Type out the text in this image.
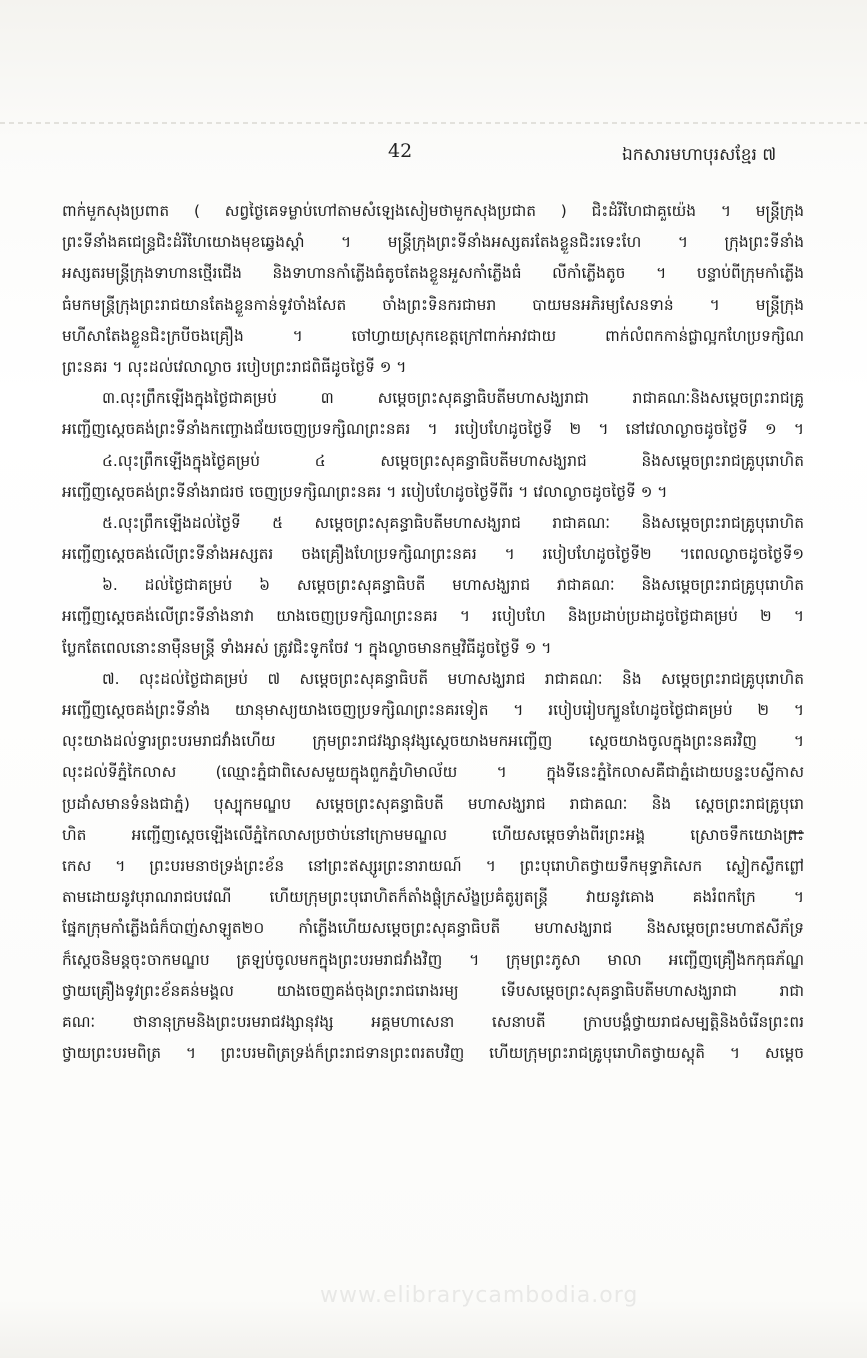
42	ឯកសារមហាបុរសខ្មែរ ៧
ពាក់មួកសុងប្រពាត ( សព្វថ្ងៃគេទម្លាប់ហៅតាមសំឡេងសៀមថាមួកសុងប្រជាត ) ជិះដំរីហែជាគួយ៉េង ។ មន្ត្រីក្រុង
ព្រះទីនាំងគជេន្ទ្រជិះដំរីហែយោងមុខឆ្វេងស្តាំ ។ មន្ត្រីក្រុងព្រះទីនាំងអស្សតរតែងខ្លួនជិះរទេះហែ ។ ក្រុងព្រះទីនាំង
អស្សតរមន្ត្រីក្រុងទាហានថ្មើរជើង និងទាហានកាំភ្លើងធំតូចតែងខ្លួនអួសកាំភ្លើងធំ លីកាំភ្លើងតូច ។ បន្ទាប់ពីក្រុមកាំភ្លើង
ធំមកមន្ត្រីក្រុងព្រះរាជយានតែងខ្លួនកាន់ទូវចាំងសែត ចាំងព្រះទិនករជាមរា បាយមនអភិរម្យសែនទាន់ ។ មន្ត្រីក្រុង
មហីសាតែងខ្លួនជិះក្របីចងគ្រឿង ។ ចៅហ្វាយស្រុកខេត្តក្រៅពាក់អាវជាយ ពាក់លំពកកាន់ជ្លាល្អកហែប្រទក្សិណ
ព្រះនគរ ។ លុះដល់វេលាល្ងាច របៀបព្រះរាជពិធីដូចថ្ងៃទី ១ ។
៣.លុះព្រឹកឡើងក្នុងថ្ងៃជាគម្រប់ ៣ សម្តេចព្រះសុគន្ធាធិបតីមហាសង្ឃរាជា រាជាគណៈនិងសម្តេចព្រះរាជគ្រូ
អញ្ជើញស្តេចគង់ព្រះទីនាំងកញ្ចោងជ័យចេញប្រទក្សិណព្រះនគរ ។ របៀបហែដូចថ្ងៃទី ២ ។ នៅវេលាល្ងាចដូចថ្ងៃទី ១ ។
៤.លុះព្រឹកឡើងក្នុងថ្ងៃគម្រប់ ៤ សម្តេចព្រះសុគន្ធាធិបតីមហាសង្ឃរាជ និងសម្តេចព្រះរាជគ្រូបុរោហិត
អញ្ជើញស្តេចគង់ព្រះទីនាំងរាជរថ ចេញប្រទក្សិណព្រះនគរ ។ របៀបហែដូចថ្ងៃទីពីរ ។ វេលាល្ងាចដូចថ្ងៃទី ១ ។
៥.លុះព្រឹកឡើងដល់ថ្ងៃទី ៥ សម្តេចព្រះសុគន្ធាធិបតីមហាសង្ឃរាជ រាជាគណៈ និងសម្តេចព្រះរាជគ្រូបុរោហិត
អញ្ជើញស្តេចគង់លើព្រះទីនាំងអស្សតរ ចងគ្រឿងហែប្រទក្សិណព្រះនគរ ។ របៀបហែដូចថ្ងៃទី២ ។ពេលល្ងាចដូចថ្ងៃទី១
៦. ដល់ថ្ងៃជាគម្រប់ ៦ សម្តេចព្រះសុគន្ធាធិបតី មហាសង្ឃរាជ រាជាគណៈ និងសម្តេចព្រះរាជគ្រូបុរោហិត
អញ្ជើញស្តេចគង់លើព្រះទីនាំងនាវា យាងចេញប្រទក្សិណព្រះនគរ ។ របៀបហែ និងប្រដាប់ប្រដាដូចថ្ងៃជាគម្រប់ ២ ។
ប្លែកតែពេលនោះនាម៉ឺនមន្ត្រី ទាំងអស់ ត្រូវជិះទូកចែវ ។ ក្នុងល្ងាចមានកម្មវិធីដូចថ្ងៃទី ១ ។
៧. លុះដល់ថ្ងៃជាគម្រប់ ៧ សម្តេចព្រះសុគន្ធាធិបតី មហាសង្ឃរាជ រាជាគណៈ និង សម្តេចព្រះរាជគ្រូបុរោហិត
អញ្ជើញស្តេចគង់ព្រះទីនាំង យានុមាស្យយាងចេញប្រទក្សិណព្រះនគរទៀត ។ របៀបរៀបក្បួនហែដូចថ្ងៃជាគម្រប់ ២ ។
លុះយាងដល់ទ្វារព្រះបរមរាជវាំងហើយ ក្រុមព្រះរាជវង្សានុវង្សស្តេចយាងមកអញ្ជើញ ស្តេចយាងចូលក្នុងព្រះនគរវិញ ។
លុះដល់ទីភ្នំកៃលាស (ឈ្មោះភ្នំជាពិសេសមួយក្នុងពួកភ្នំហិមាល័យ ។ ក្នុងទីនេះភ្នំកៃលាសគឺជាភ្នំដោយបន្ទះបស្ទីកាស
ប្រដាំសមានទំនងជាភ្នំ) បុស្បុកមណ្ឌប សម្តេចព្រះសុគន្ធាធិបតី មហាសង្ឃរាជ រាជាគណៈ និង ស្តេចព្រះរាជគ្រូបុរោ
ហិត អញ្ជើញស្តេចឡើងលើភ្នំកៃលាសប្រថាប់នៅក្រោមមណ្ឌល ហើយសម្តេចទាំងពីរព្រះអង្គ ស្រោចទឹកយោងព្រះ
កេស ។ ព្រះបរមនាថទ្រង់ព្រះខ័ន នៅព្រះឥស្សូរព្រះនារាយណ៍ ។ ព្រះបុរោហិតថ្វាយទឹកមុទ្ធាភិសេក ស្លៀកស្លឹកព្លៅ
តាមដោយនូវបុរាណរាជបវេណី ហើយក្រុមព្រះបុរោហិតក៏តាំងផ្លុំក្រស័ង្ខប្រគំតូរ្យតន្ត្រី វាយនូវគោង គងរំពកក្រែ ។
ផ្នែកក្រុមកាំភ្លើងធំក៏បាញ់សាឡូត២០ កាំភ្លើងហើយសម្តេចព្រះសុគន្ធាធិបតី មហាសង្ឃរាជ និងសម្តេចព្រះមហាឥសីភ័ទ្រ
ក៏ស្តេចនិមន្តចុះចាកមណ្ឌប ត្រឡប់ចូលមកក្នុងព្រះបរមរាជវាំងវិញ ។ ក្រុមព្រះភូសា មាលា អញ្ជើញគ្រឿងកកុធភ័ណ្ឌ
ថ្វាយគ្រឿងទូវព្រះខ័នគន់មង្គល យាងចេញគង់ចុងព្រះរាជរោងរម្យ ទើបសម្តេចព្រះសុគន្ធាធិបតីមហាសង្ឃរាជា រាជា
គណៈ ថានានុក្រមនិងព្រះបរមរាជវង្សានុវង្ស អគ្គមហាសេនា សេនាបតី ក្រាបបង្គំថ្វាយរាជសម្បត្តិនិងចំរើនព្រះពរ
ថ្វាយព្រះបរមពិត្រ ។ ព្រះបរមពិត្រទ្រង់ក៏ព្រះរាជទានព្រះពរតបវិញ ហើយក្រុមព្រះរាជគ្រូបុរោហិតថ្វាយស្តុតិ ។ សម្តេច
www.elibrarycambodia.org
